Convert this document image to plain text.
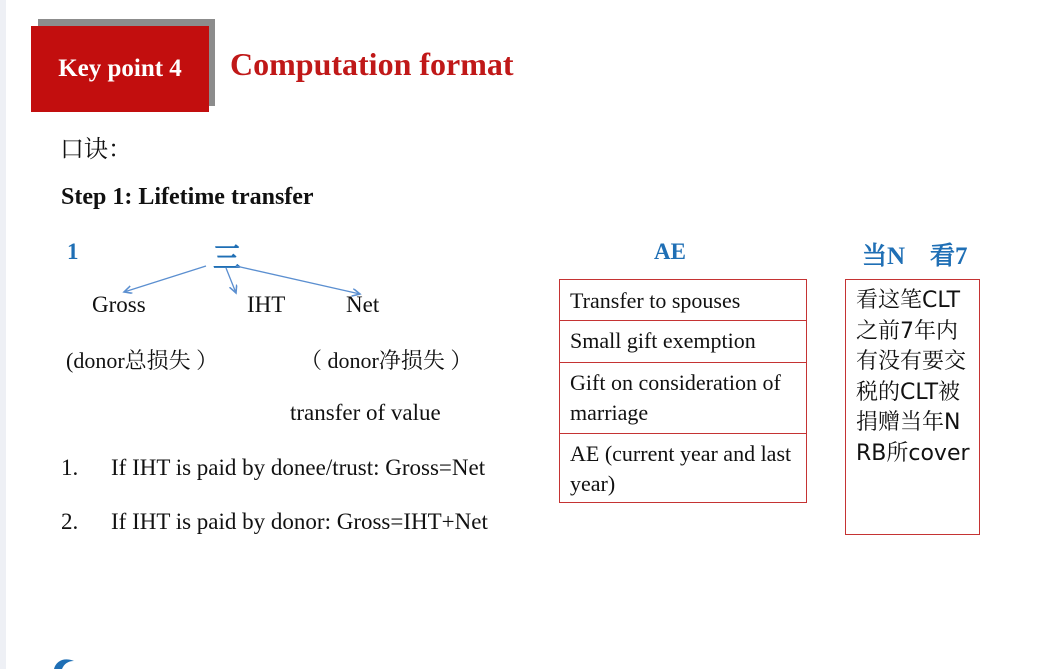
Key point 4	Computation format
口诀：
Step 1: Lifetime transfer
1	三
Gross	IHT	Net
(donor总损失 ）	（ donor净损失 ）
transfer of value
1. If IHT is paid by donee/trust: Gross=Net
2. If IHT is paid by donor: Gross=IHT+Net
AE	当N　看7
Transfer to spouses
Small gift exemption
Gift on consideration of marriage
AE (current year and last year)
看这笔CLT之前7年内有没有要交税的CLT被捐赠当年NRB所cover
